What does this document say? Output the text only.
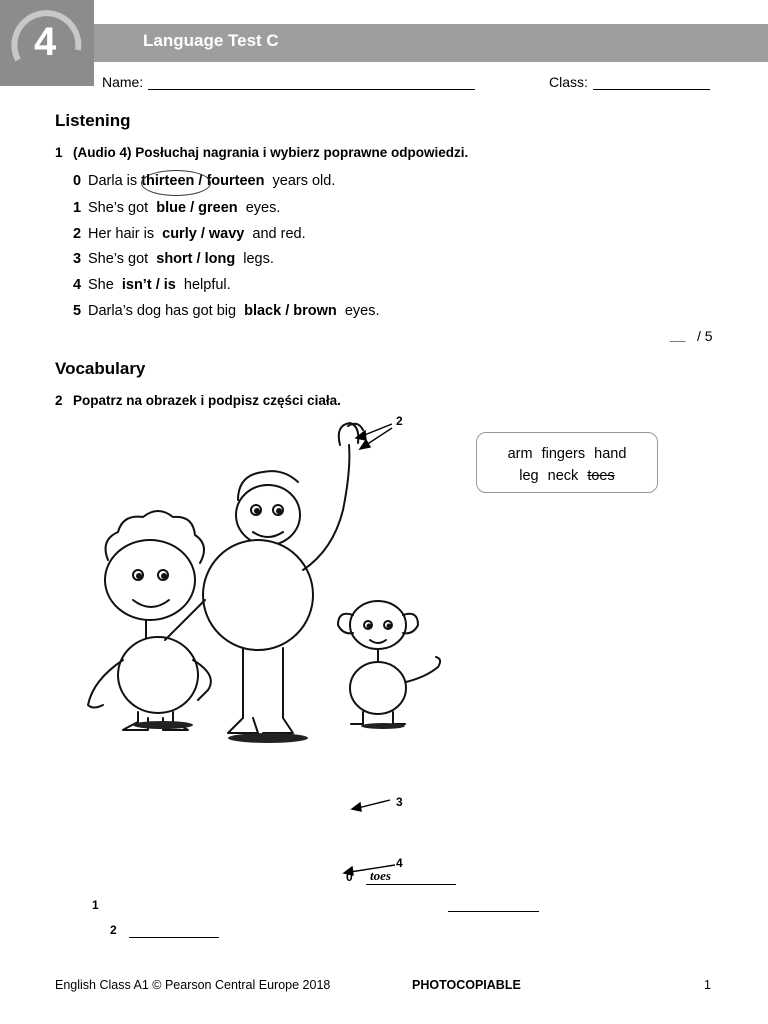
4	Language Test C
Name:	Class:
Listening
1 (Audio 4) Posłuchaj nagrania i wybierz poprawne odpowiedzi.
0 Darla is thirteen / fourteen  years old.
1 She’s got  blue / green  eyes.
2 Her hair is  curly / wavy  and red.
3 She’s got  short / long  legs.
4 She  isn’t / is  helpful.
5 Darla’s dog has got big  black / brown  eyes.
__ / 5
Vocabulary
2 Popatrz na obrazek i podpisz części ciała.
arm fingers hand
leg neck toes
2
3
4
0 toes
1
2
English Class A1 © Pearson Central Europe 2018	PHOTOCOPIABLE	1
